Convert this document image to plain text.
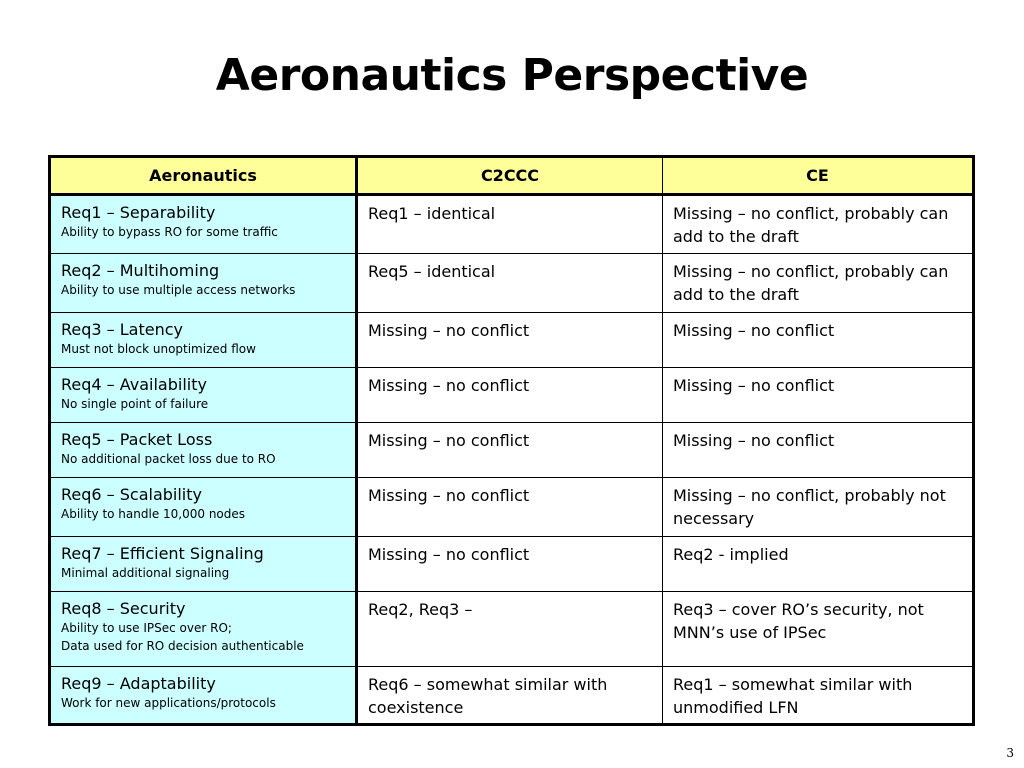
Aeronautics Perspective
Aeronautics	C2CCC	CE

Req1 – Separability
Ability to bypass RO for some traffic	Req1 – identical	Missing – no conflict, probably can add to the draft

Req2 – Multihoming
Ability to use multiple access networks	Req5 – identical	Missing – no conflict, probably can add to the draft

Req3 – Latency
Must not block unoptimized flow	Missing – no conflict	Missing – no conflict

Req4 – Availability
No single point of failure	Missing – no conflict	Missing – no conflict

Req5 – Packet Loss
No additional packet loss due to RO	Missing – no conflict	Missing – no conflict

Req6 – Scalability
Ability to handle 10,000 nodes	Missing – no conflict	Missing – no conflict, probably not necessary

Req7 – Efficient Signaling
Minimal additional signaling	Missing – no conflict	Req2 - implied

Req8 – Security
Ability to use IPSec over RO;
Data used for RO decision authenticable	Req2, Req3 –	Req3 – cover RO’s security, not MNN’s use of IPSec

Req9 – Adaptability
Work for new applications/protocols	Req6 – somewhat similar with coexistence	Req1 – somewhat similar with unmodified LFN
3
